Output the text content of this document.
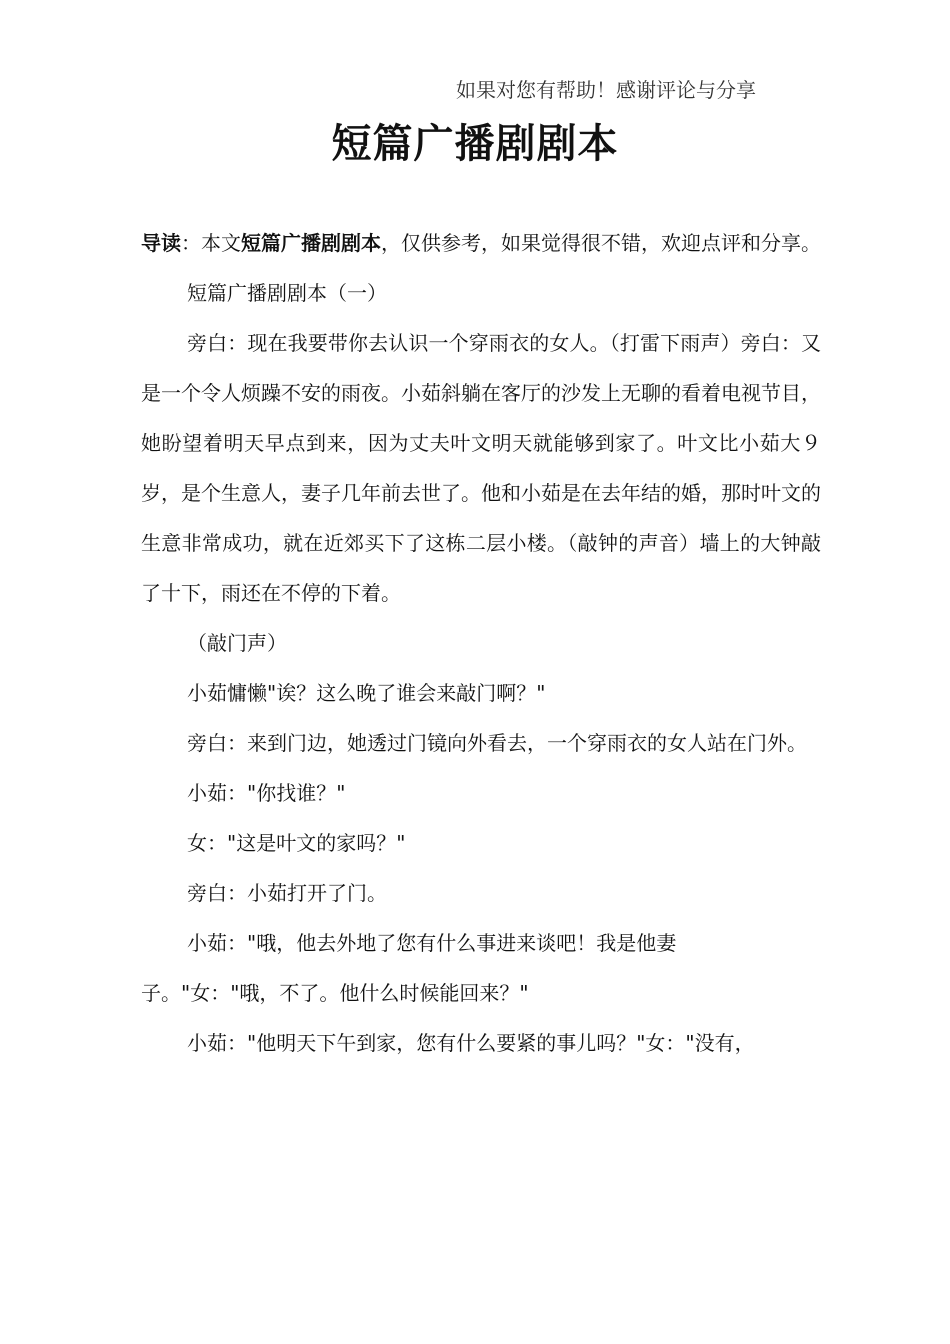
如果对您有帮助！感谢评论与分享
短篇广播剧剧本

导读：本文短篇广播剧剧本，仅供参考，如果觉得很不错，欢迎点评和分享。

短篇广播剧剧本（一）

旁白：现在我要带你去认识一个穿雨衣的女人。（打雷下雨声）旁白：又是一个令人烦躁不安的雨夜。小茹斜躺在客厅的沙发上无聊的看着电视节目，她盼望着明天早点到来，因为丈夫叶文明天就能够到家了。叶文比小茹大９岁，是个生意人，妻子几年前去世了。他和小茹是在去年结的婚，那时叶文的生意非常成功，就在近郊买下了这栋二层小楼。（敲钟的声音）墙上的大钟敲了十下，雨还在不停的下着。

（敲门声）

小茹慵懒"诶？这么晚了谁会来敲门啊？"

旁白：来到门边，她透过门镜向外看去，一个穿雨衣的女人站在门外。

小茹："你找谁？"

女："这是叶文的家吗？"

旁白：小茹打开了门。

小茹："哦，他去外地了您有什么事进来谈吧！我是他妻

子。"女："哦，不了。他什么时候能回来？"

小茹："他明天下午到家，您有什么要紧的事儿吗？"女："没有，
